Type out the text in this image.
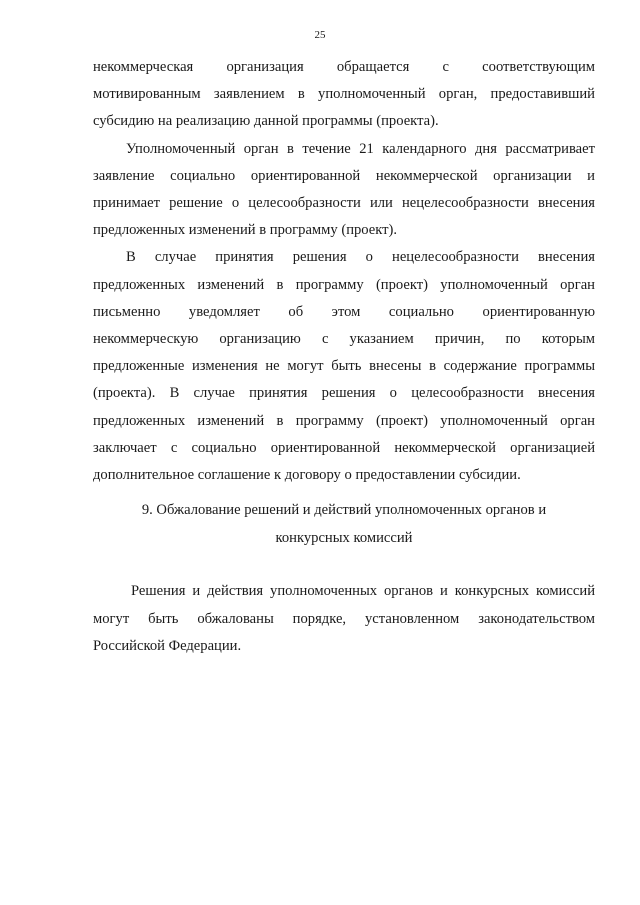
25

некоммерческая организация обращается с соответствующим

мотивированным заявлением в уполномоченный орган, предоставивший

субсидию на реализацию данной программы (проекта).

Уполномоченный орган в течение 21 календарного дня рассматривает

заявление социально ориентированной некоммерческой организации и

принимает решение о целесообразности или нецелесообразности внесения

предложенных изменений в программу (проект).

В случае принятия решения о нецелесообразности внесения

предложенных изменений в программу (проект) уполномоченный орган

письменно уведомляет об этом социально ориентированную

некоммерческую организацию с указанием причин, по которым

предложенные изменения не могут быть внесены в содержание программы

(проекта). В случае принятия решения о целесообразности внесения

предложенных изменений в программу (проект) уполномоченный орган

заключает с социально ориентированной некоммерческой организацией

дополнительное соглашение к договору о предоставлении субсидии.

9. Обжалование решений и действий уполномоченных органов и
конкурсных комиссий

Решения и действия уполномоченных органов и конкурсных комиссий

могут быть обжалованы порядке, установленном законодательством

Российской Федерации.
